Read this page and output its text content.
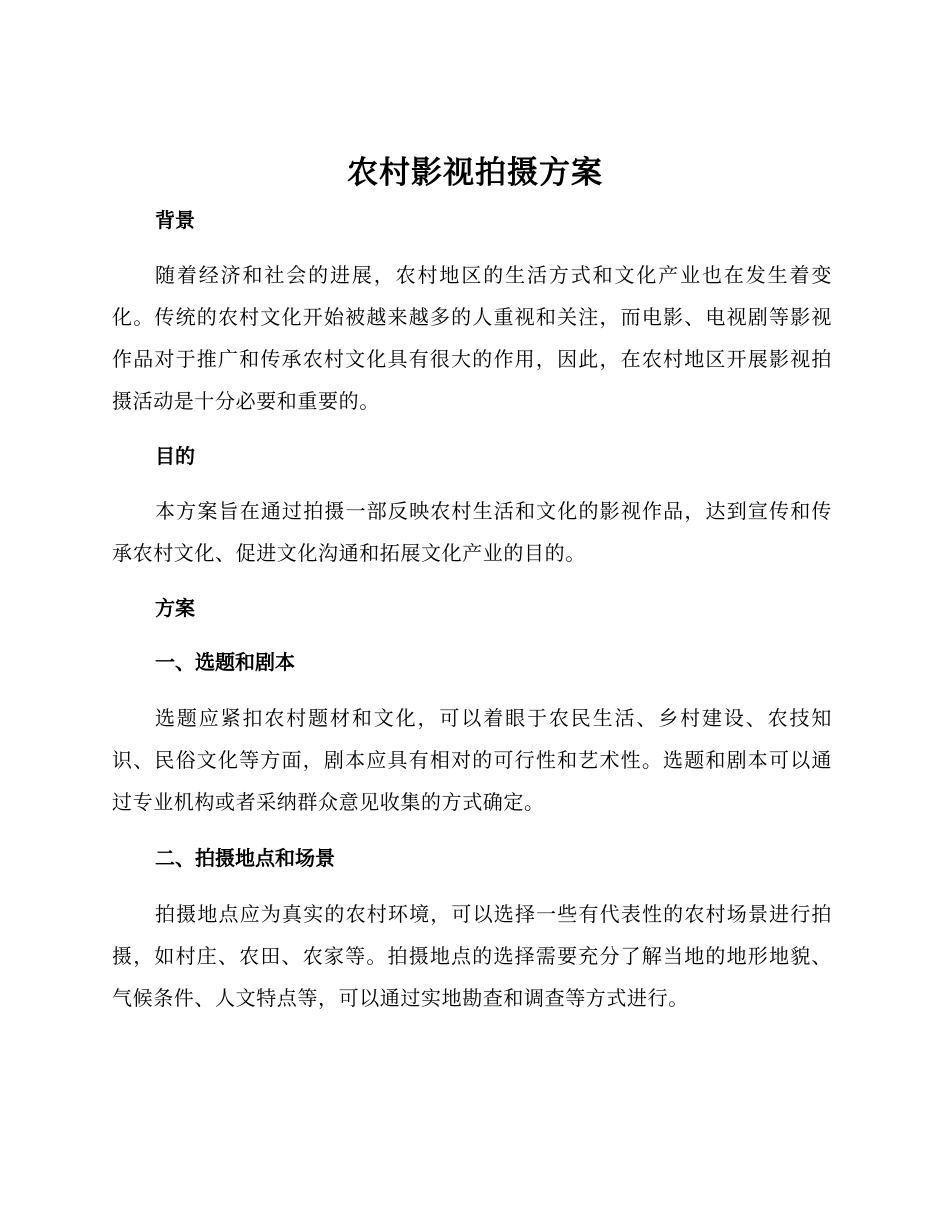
农村影视拍摄方案
背景

随着经济和社会的进展，农村地区的生活方式和文化产业也在发生着变化。传统的农村文化开始被越来越多的人重视和关注，而电影、电视剧等影视作品对于推广和传承农村文化具有很大的作用，因此，在农村地区开展影视拍摄活动是十分必要和重要的。

目的

本方案旨在通过拍摄一部反映农村生活和文化的影视作品，达到宣传和传承农村文化、促进文化沟通和拓展文化产业的目的。

方案
一、选题和剧本

选题应紧扣农村题材和文化，可以着眼于农民生活、乡村建设、农技知识、民俗文化等方面，剧本应具有相对的可行性和艺术性。选题和剧本可以通过专业机构或者采纳群众意见收集的方式确定。

二、拍摄地点和场景

拍摄地点应为真实的农村环境，可以选择一些有代表性的农村场景进行拍摄，如村庄、农田、农家等。拍摄地点的选择需要充分了解当地的地形地貌、气候条件、人文特点等，可以通过实地勘查和调查等方式进行。
